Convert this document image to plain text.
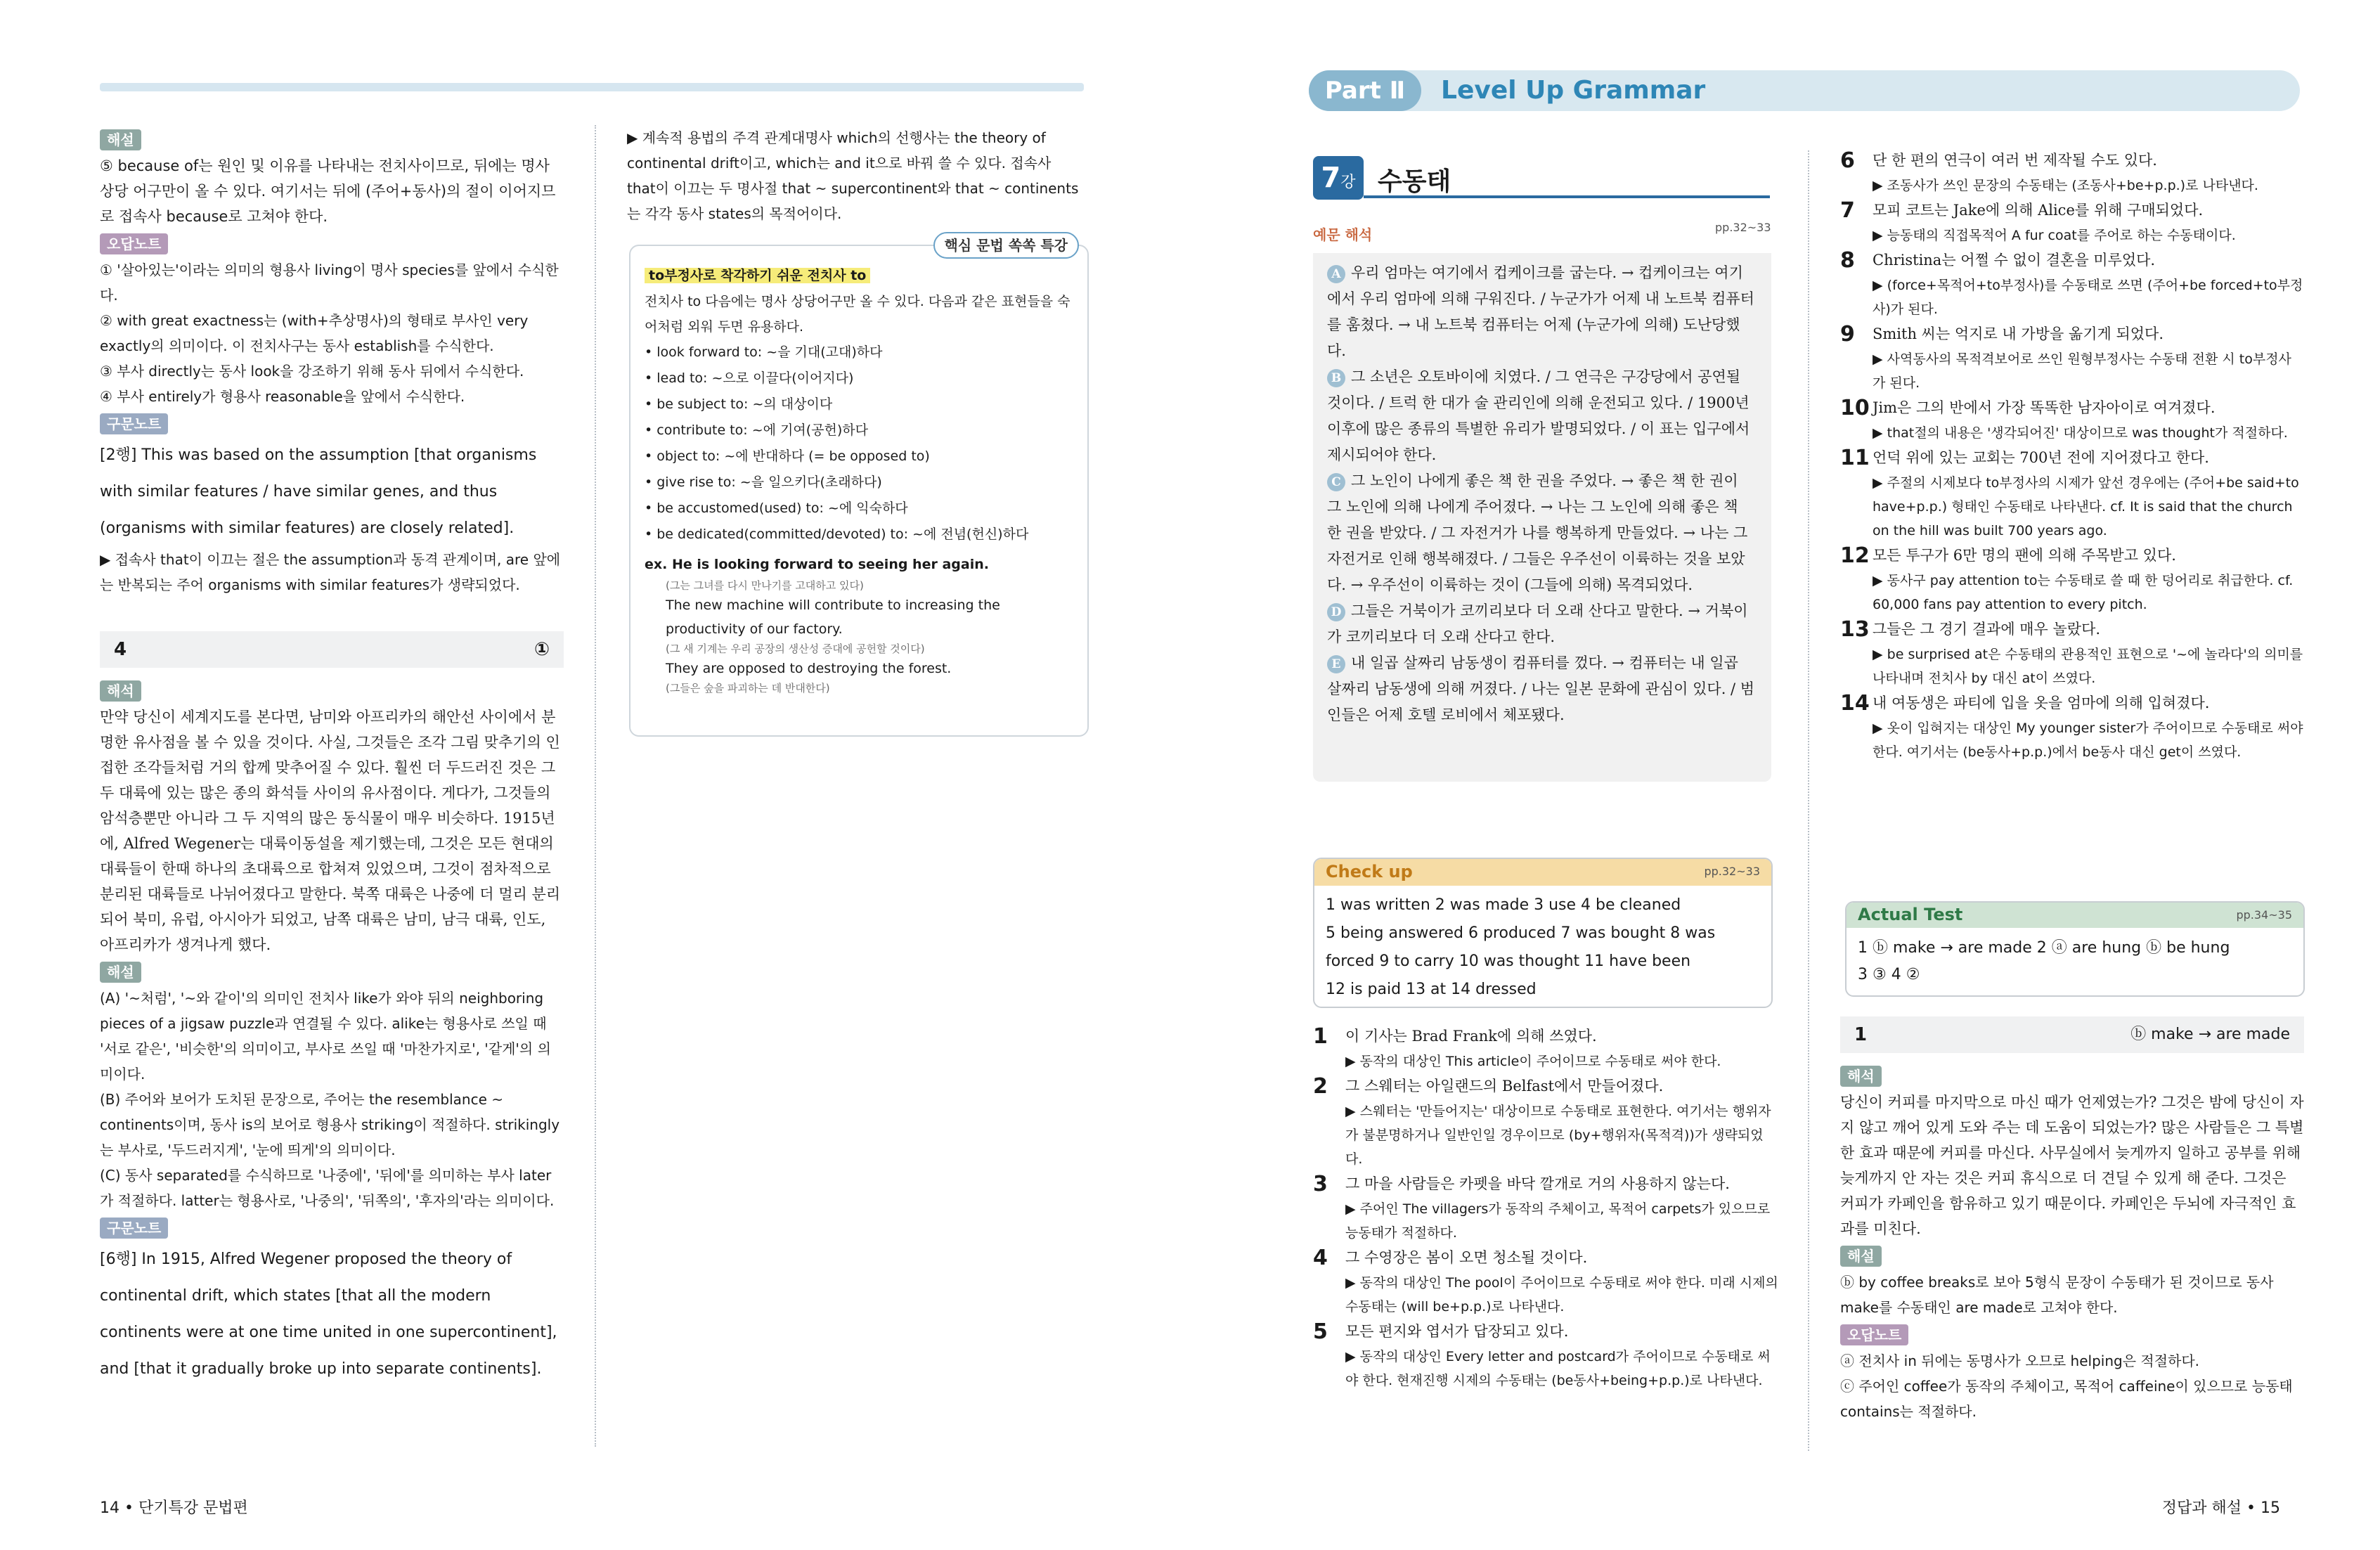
해설

⑤ because of는 원인 및 이유를 나타내는 전치사이므로, 뒤에는 명사 상당 어구만이 올 수 있다. 여기서는 뒤에 (주어+동사)의 절이 이어지므로 접속사 because로 고쳐야 한다.

오답노트

① '살아있는'이라는 의미의 형용사 living이 명사 species를 앞에서 수식한다.

② with great exactness는 (with+추상명사)의 형태로 부사인 very exactly의 의미이다. 이 전치사구는 동사 establish를 수식한다.

③ 부사 directly는 동사 look을 강조하기 위해 동사 뒤에서 수식한다.

④ 부사 entirely가 형용사 reasonable을 앞에서 수식한다.

구문노트

[2행] This was based on the assumption [that organisms with similar features / have similar genes, and thus (organisms with similar features) are closely related].

▶ 접속사 that이 이끄는 절은 the assumption과 동격 관계이며, are 앞에는 반복되는 주어 organisms with similar features가 생략되었다.

4	①
해석

만약 당신이 세계지도를 본다면, 남미와 아프리카의 해안선 사이에서 분명한 유사점을 볼 수 있을 것이다. 사실, 그것들은 조각 그림 맞추기의 인접한 조각들처럼 거의 합께 맞추어질 수 있다. 훨씬 더 두드러진 것은 그 두 대륙에 있는 많은 종의 화석들 사이의 유사점이다. 게다가, 그것들의 암석층뿐만 아니라 그 두 지역의 많은 동식물이 매우 비슷하다. 1915년에, Alfred Wegener는 대륙이동설을 제기했는데, 그것은 모든 현대의 대륙들이 한때 하나의 초대륙으로 합쳐져 있었으며, 그것이 점차적으로 분리된 대륙들로 나뉘어졌다고 말한다. 북쪽 대륙은 나중에 더 멀리 분리되어 북미, 유럽, 아시아가 되었고, 남쪽 대륙은 남미, 남극 대륙, 인도, 아프리카가 생겨나게 했다.

해설

(A) '~처럼', '~와 같이'의 의미인 전치사 like가 와야 뒤의 neighboring pieces of a jigsaw puzzle과 연결될 수 있다. alike는 형용사로 쓰일 때 '서로 같은', '비슷한'의 의미이고, 부사로 쓰일 때 '마찬가지로', '같게'의 의미이다.

(B) 주어와 보어가 도치된 문장으로, 주어는 the resemblance ~ continents이며, 동사 is의 보어로 형용사 striking이 적절하다. strikingly는 부사로, '두드러지게', '눈에 띄게'의 의미이다.

(C) 동사 separated를 수식하므로 '나중에', '뒤에'를 의미하는 부사 later가 적절하다. latter는 형용사로, '나중의', '뒤쪽의', '후자의'라는 의미이다.

구문노트

[6행] In 1915, Alfred Wegener proposed the theory of continental drift, which states [that all the modern continents were at one time united in one supercontinent], and [that it gradually broke up into separate continents].

▶ 계속적 용법의 주격 관계대명사 which의 선행사는 the theory of continental drift이고, which는 and it으로 바꿔 쓸 수 있다. 접속사 that이 이끄는 두 명사절 that ~ supercontinent와 that ~ continents는 각각 동사 states의 목적어이다.

핵심 문법 쏙쏙 특강
to부정사로 착각하기 쉬운 전치사 to

전치사 to 다음에는 명사 상당어구만 올 수 있다. 다음과 같은 표현들을 숙어처럼 외워 두면 유용하다.

• look forward to: ~을 기대(고대)하다
• lead to: ~으로 이끌다(이어지다)
• be subject to: ~의 대상이다
• contribute to: ~에 기여(공헌)하다
• object to: ~에 반대하다 (= be opposed to)
• give rise to: ~을 일으키다(초래하다)
• be accustomed(used) to: ~에 익숙하다
• be dedicated(committed/devoted) to: ~에 전념(헌신)하다
ex. He is looking forward to seeing her again.
(그는 그녀를 다시 만나기를 고대하고 있다)
The new machine will contribute to increasing the productivity of our factory.
(그 새 기계는 우리 공장의 생산성 증대에 공헌할 것이다)
They are opposed to destroying the forest.
(그들은 숲을 파괴하는 데 반대한다)
14 • 단기특강 문법편
Part Ⅱ	Level Up Grammar
7강 수동태
예문 해석	pp.32~33

A 우리 엄마는 여기에서 컵케이크를 굽는다. → 컵케이크는 여기에서 우리 엄마에 의해 구워진다. / 누군가가 어제 내 노트북 컴퓨터를 훔쳤다. → 내 노트북 컴퓨터는 어제 (누군가에 의해) 도난당했다.

B 그 소년은 오토바이에 치였다. / 그 연극은 구강당에서 공연될 것이다. / 트럭 한 대가 술 관리인에 의해 운전되고 있다. / 1900년 이후에 많은 종류의 특별한 유리가 발명되었다. / 이 표는 입구에서 제시되어야 한다.

C 그 노인이 나에게 좋은 책 한 권을 주었다. → 좋은 책 한 권이 그 노인에 의해 나에게 주어졌다. → 나는 그 노인에 의해 좋은 책 한 권을 받았다. / 그 자전거가 나를 행복하게 만들었다. → 나는 그 자전거로 인해 행복해졌다. / 그들은 우주선이 이륙하는 것을 보았다. → 우주선이 이륙하는 것이 (그들에 의해) 목격되었다.

D 그들은 거북이가 코끼리보다 더 오래 산다고 말한다. → 거북이가 코끼리보다 더 오래 산다고 한다.

E 내 일곱 살짜리 남동생이 컴퓨터를 껐다. → 컴퓨터는 내 일곱 살짜리 남동생에 의해 꺼졌다. / 나는 일본 문화에 관심이 있다. / 범인들은 어제 호텔 로비에서 체포됐다.

Check up	pp.32~33
1 was written 2 was made 3 use 4 be cleaned
5 being answered 6 produced 7 was bought 8 was
forced 9 to carry 10 was thought 11 have been
12 is paid 13 at 14 dressed
1	이 기사는 Brad Frank에 의해 쓰였다.
▶ 동작의 대상인 This article이 주어이므로 수동태로 써야 한다.
2	그 스웨터는 아일랜드의 Belfast에서 만들어졌다.
▶ 스웨터는 '만들어지는' 대상이므로 수동태로 표현한다. 여기서는 행위자가 불분명하거나 일반인일 경우이므로 (by+행위자(목적격))가 생략되었다.
3	그 마을 사람들은 카펫을 바닥 깔개로 거의 사용하지 않는다.
▶ 주어인 The villagers가 동작의 주체이고, 목적어 carpets가 있으므로 능동태가 적절하다.
4	그 수영장은 봄이 오면 청소될 것이다.
▶ 동작의 대상인 The pool이 주어이므로 수동태로 써야 한다. 미래 시제의 수동태는 (will be+p.p.)로 나타낸다.
5	모든 편지와 엽서가 답장되고 있다.
▶ 동작의 대상인 Every letter and postcard가 주어이므로 수동태로 써야 한다. 현재진행 시제의 수동태는 (be동사+being+p.p.)로 나타낸다.
6	단 한 편의 연극이 여러 번 제작될 수도 있다.
▶ 조동사가 쓰인 문장의 수동태는 (조동사+be+p.p.)로 나타낸다.
7	모피 코트는 Jake에 의해 Alice를 위해 구매되었다.
▶ 능동태의 직접목적어 A fur coat를 주어로 하는 수동태이다.
8	Christina는 어쩔 수 없이 결혼을 미루었다.
▶ (force+목적어+to부정사)를 수동태로 쓰면 (주어+be forced+to부정사)가 된다.
9	Smith 씨는 억지로 내 가방을 옮기게 되었다.
▶ 사역동사의 목적격보어로 쓰인 원형부정사는 수동태 전환 시 to부정사가 된다.
10 Jim은 그의 반에서 가장 똑똑한 남자아이로 여겨졌다.
▶ that절의 내용은 '생각되어진' 대상이므로 was thought가 적절하다.
11 언덕 위에 있는 교회는 700년 전에 지어졌다고 한다.
▶ 주절의 시제보다 to부정사의 시제가 앞선 경우에는 (주어+be said+to have+p.p.) 형태인 수동태로 나타낸다. cf. It is said that the church on the hill was built 700 years ago.
12 모든 투구가 6만 명의 팬에 의해 주목받고 있다.
▶ 동사구 pay attention to는 수동태로 쓸 때 한 덩어리로 취급한다. cf. 60,000 fans pay attention to every pitch.
13 그들은 그 경기 결과에 매우 놀랐다.
▶ be surprised at은 수동태의 관용적인 표현으로 '~에 놀라다'의 의미를 나타내며 전치사 by 대신 at이 쓰였다.
14 내 여동생은 파티에 입을 옷을 엄마에 의해 입혀졌다.
▶ 옷이 입혀지는 대상인 My younger sister가 주어이므로 수동태로 써야 한다. 여기서는 (be동사+p.p.)에서 be동사 대신 get이 쓰였다.
Actual Test	pp.34~35
1 ⓑ make → are made 2 ⓐ are hung ⓑ be hung
3 ③ 4 ②
1	ⓑ make → are made
해석

당신이 커피를 마지막으로 마신 때가 언제였는가? 그것은 밤에 당신이 자지 않고 깨어 있게 도와 주는 데 도움이 되었는가? 많은 사람들은 그 특별한 효과 때문에 커피를 마신다. 사무실에서 늦게까지 일하고 공부를 위해 늦게까지 안 자는 것은 커피 휴식으로 더 견딜 수 있게 해 준다. 그것은 커피가 카페인을 함유하고 있기 때문이다. 카페인은 두뇌에 자극적인 효과를 미친다.

해설

ⓑ by coffee breaks로 보아 5형식 문장이 수동태가 된 것이므로 동사 make를 수동태인 are made로 고쳐야 한다.

오답노트

ⓐ 전치사 in 뒤에는 동명사가 오므로 helping은 적절하다.

ⓒ 주어인 coffee가 동작의 주체이고, 목적어 caffeine이 있으므로 능동태 contains는 적절하다.

정답과 해설 • 15
